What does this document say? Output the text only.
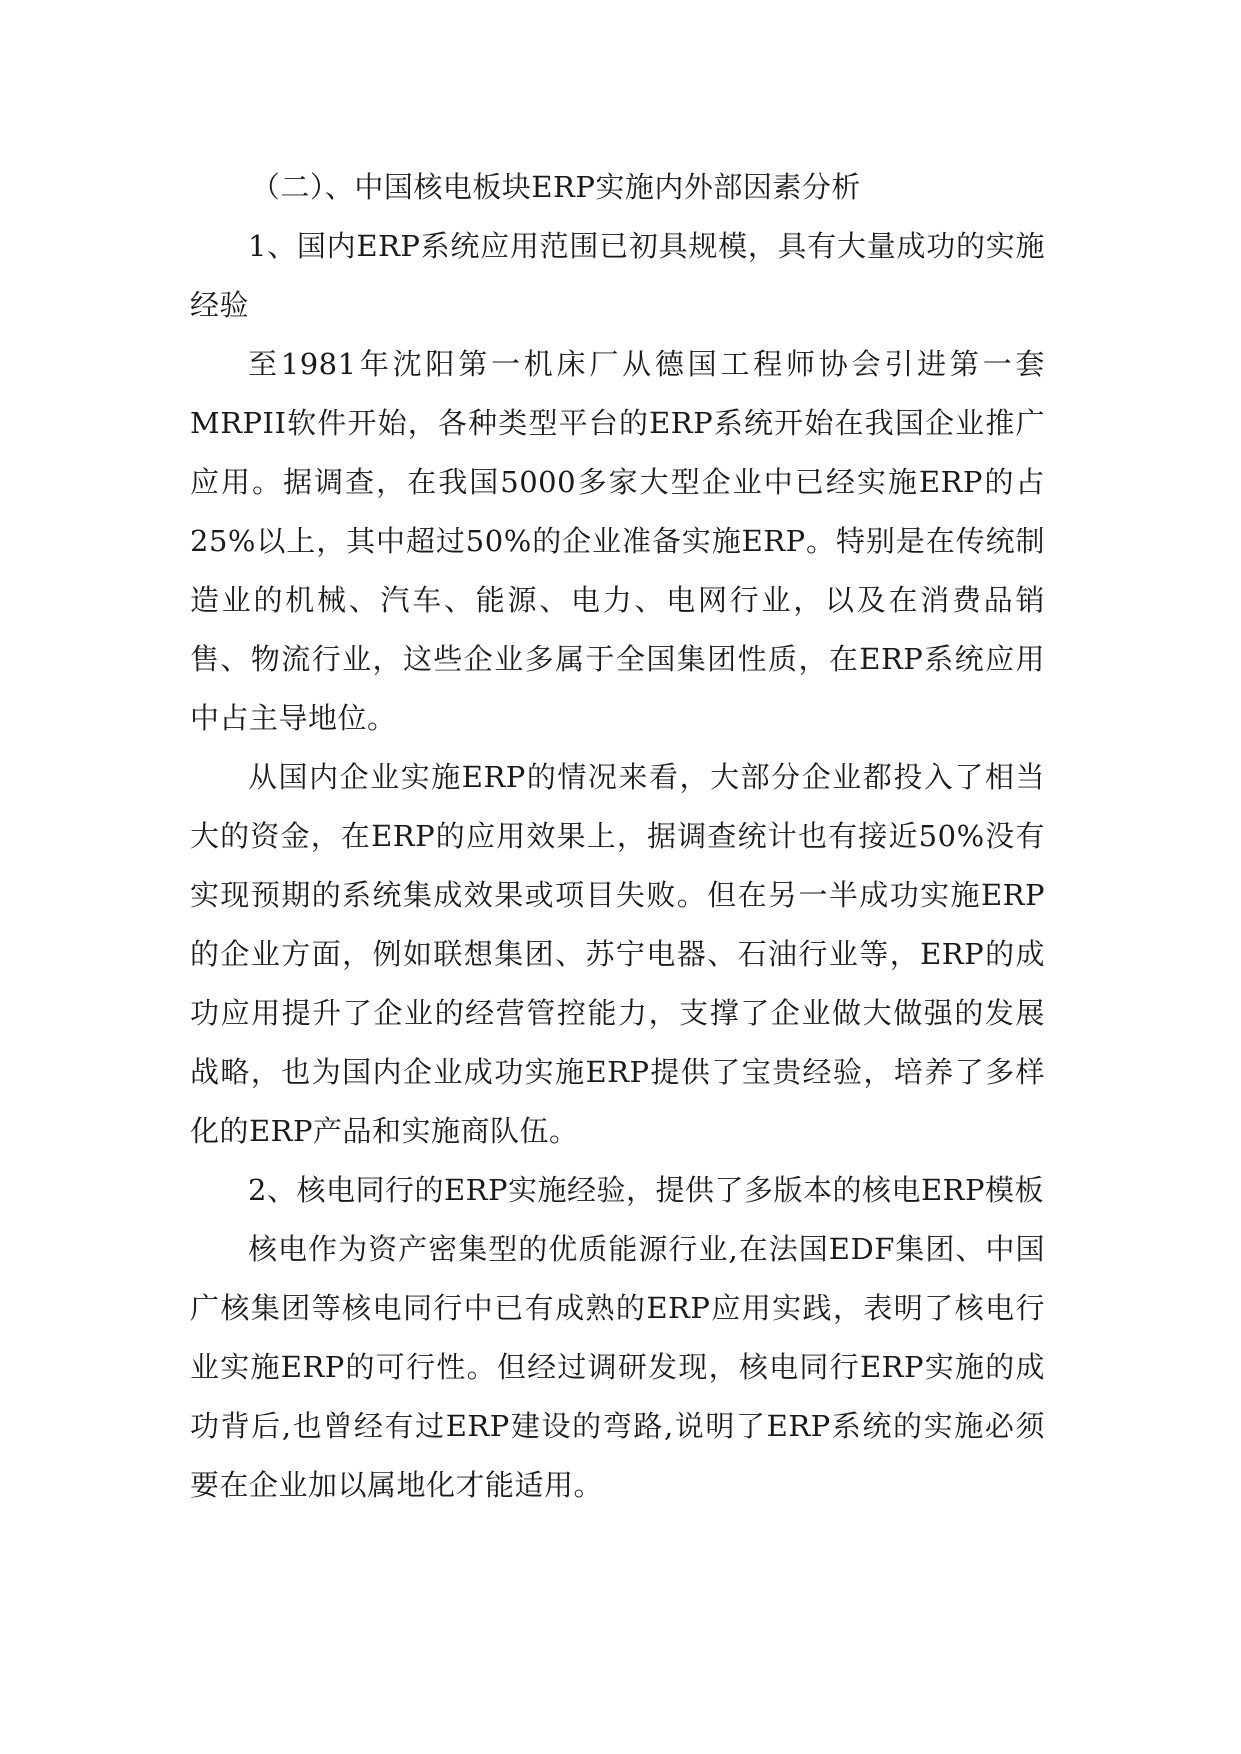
（二）、中国核电板块ERP实施内外部因素分析

1、国内ERP系统应用范围已初具规模，具有大量成功的实施经验

至1981年沈阳第一机床厂从德国工程师协会引进第一套MRPII软件开始，各种类型平台的ERP系统开始在我国企业推广应用。据调查，在我国5000多家大型企业中已经实施ERP的占25%以上，其中超过50%的企业准备实施ERP。特别是在传统制造业的机械、汽车、能源、电力、电网行业，以及在消费品销售、物流行业，这些企业多属于全国集团性质，在ERP系统应用中占主导地位。

从国内企业实施ERP的情况来看，大部分企业都投入了相当大的资金，在ERP的应用效果上，据调查统计也有接近50%没有实现预期的系统集成效果或项目失败。但在另一半成功实施ERP的企业方面，例如联想集团、苏宁电器、石油行业等，ERP的成功应用提升了企业的经营管控能力，支撑了企业做大做强的发展战略，也为国内企业成功实施ERP提供了宝贵经验，培养了多样化的ERP产品和实施商队伍。

2、核电同行的ERP实施经验，提供了多版本的核电ERP模板

核电作为资产密集型的优质能源行业,在法国EDF集团、中国广核集团等核电同行中已有成熟的ERP应用实践，表明了核电行业实施ERP的可行性。但经过调研发现，核电同行ERP实施的成功背后,也曾经有过ERP建设的弯路,说明了ERP系统的实施必须要在企业加以属地化才能适用。
